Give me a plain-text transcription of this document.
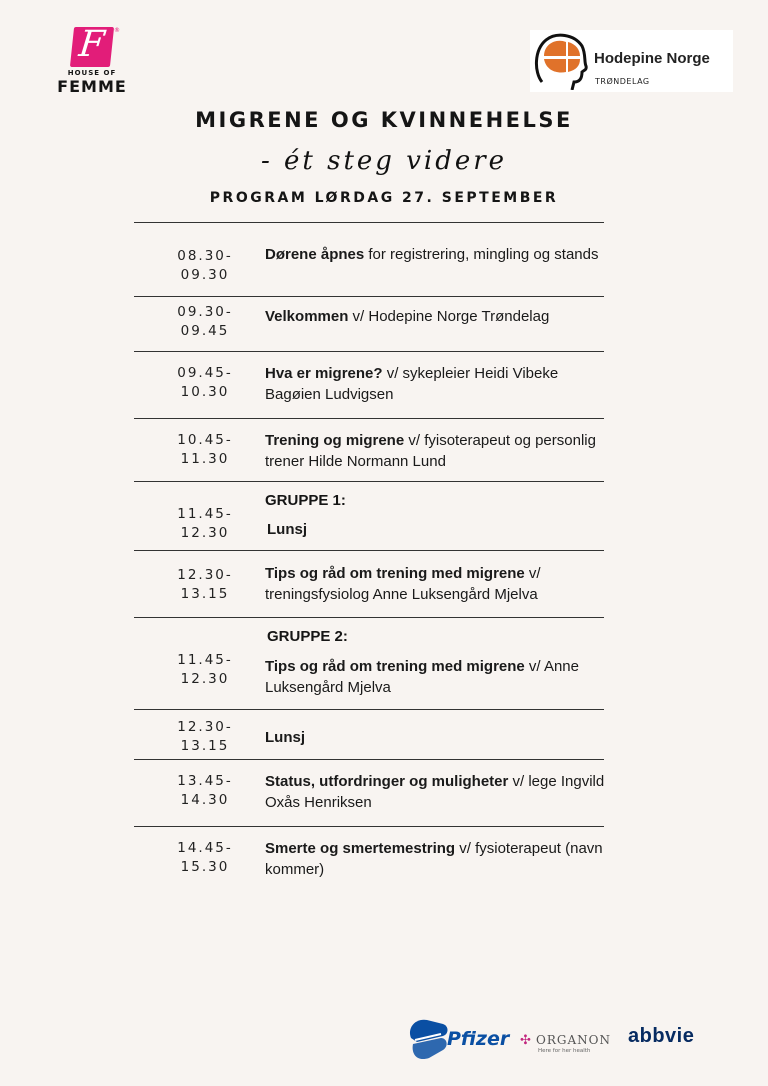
F ®
HOUSE OF
FEMME
Hodepine Norge
TRØNDELAG
MIGRENE OG KVINNEHELSE
- ét steg videre
PROGRAM LØRDAG 27. SEPTEMBER
08.30-
09.30
Dørene åpnes for registrering, mingling og stands
09.30-
09.45
Velkommen v/ Hodepine Norge Trøndelag
09.45-
10.30
Hva er migrene? v/ sykepleier Heidi Vibeke Bagøien Ludvigsen
10.45-
11.30
Trening og migrene v/ fyisoterapeut og personlig trener Hilde Normann Lund
GRUPPE 1:
11.45-
12.30	Lunsj
12.30-
13.15
Tips og råd om trening med migrene v/ treningsfysiolog Anne Luksengård Mjelva
GRUPPE 2:
11.45-
12.30
Tips og råd om trening med migrene v/ Anne Luksengård Mjelva
12.30-
13.15	Lunsj
13.45-
14.30
Status, utfordringer og muligheter v/ lege Ingvild Oxås Henriksen
14.45-
15.30
Smerte og smertemestring v/ fysioterapeut (navn kommer)
Pfizer ✣ ORGANON
Here for her health
abbvie
